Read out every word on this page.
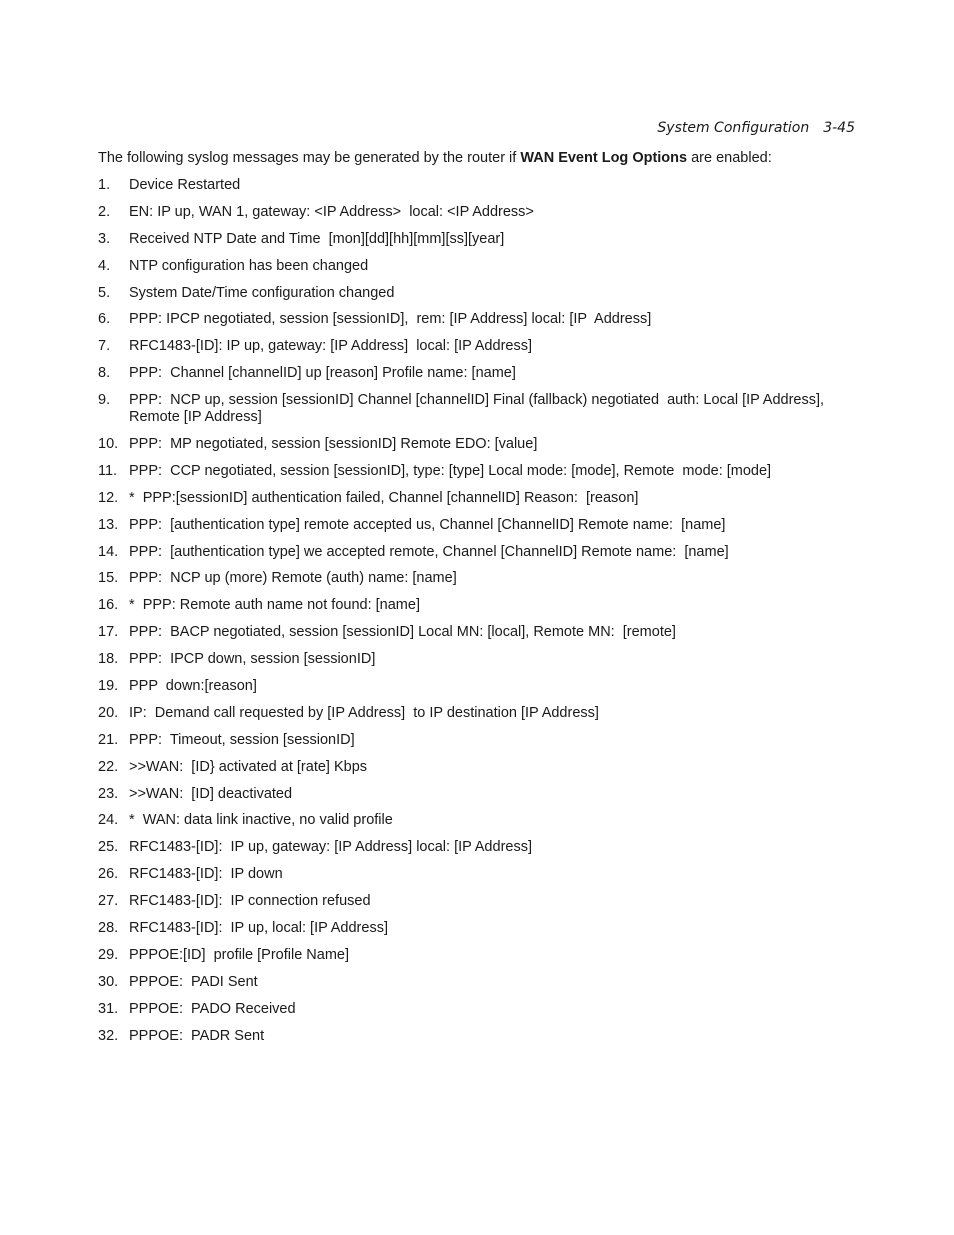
System Configuration 3-45

The following syslog messages may be generated by the router if WAN Event Log Options are enabled:

1.	Device Restarted
2.	EN: IP up, WAN 1, gateway: <IP Address>  local: <IP Address>
3.	Received NTP Date and Time  [mon][dd][hh][mm][ss][year]
4.	NTP configuration has been changed
5.	System Date/Time configuration changed
6.	PPP: IPCP negotiated, session [sessionID],  rem: [IP Address] local: [IP  Address]
7.	RFC1483-[ID]: IP up, gateway: [IP Address]  local: [IP Address]
8.	PPP:  Channel [channelID] up [reason] Profile name: [name]
9.	PPP:  NCP up, session [sessionID] Channel [channelID] Final (fallback) negotiated  auth: Local [IP Address], Remote [IP Address]
10. PPP:  MP negotiated, session [sessionID] Remote EDO: [value]
11. PPP:  CCP negotiated, session [sessionID], type: [type] Local mode: [mode], Remote  mode: [mode]
12. *  PPP:[sessionID] authentication failed, Channel [channelID] Reason:  [reason]
13. PPP:  [authentication type] remote accepted us, Channel [ChannelID] Remote name:  [name]
14. PPP:  [authentication type] we accepted remote, Channel [ChannelID] Remote name:  [name]
15. PPP:  NCP up (more) Remote (auth) name: [name]
16. *  PPP: Remote auth name not found: [name]
17. PPP:  BACP negotiated, session [sessionID] Local MN: [local], Remote MN:  [remote]
18. PPP:  IPCP down, session [sessionID]
19. PPP  down:[reason]
20. IP:  Demand call requested by [IP Address]  to IP destination [IP Address]
21. PPP:  Timeout, session [sessionID]
22. >>WAN:  [ID} activated at [rate] Kbps
23. >>WAN:  [ID] deactivated
24. *  WAN: data link inactive, no valid profile
25. RFC1483-[ID]:  IP up, gateway: [IP Address] local: [IP Address]
26. RFC1483-[ID]:  IP down
27. RFC1483-[ID]:  IP connection refused
28. RFC1483-[ID]:  IP up, local: [IP Address]
29. PPPOE:[ID]  profile [Profile Name]
30. PPPOE:  PADI Sent
31. PPPOE:  PADO Received
32. PPPOE:  PADR Sent
